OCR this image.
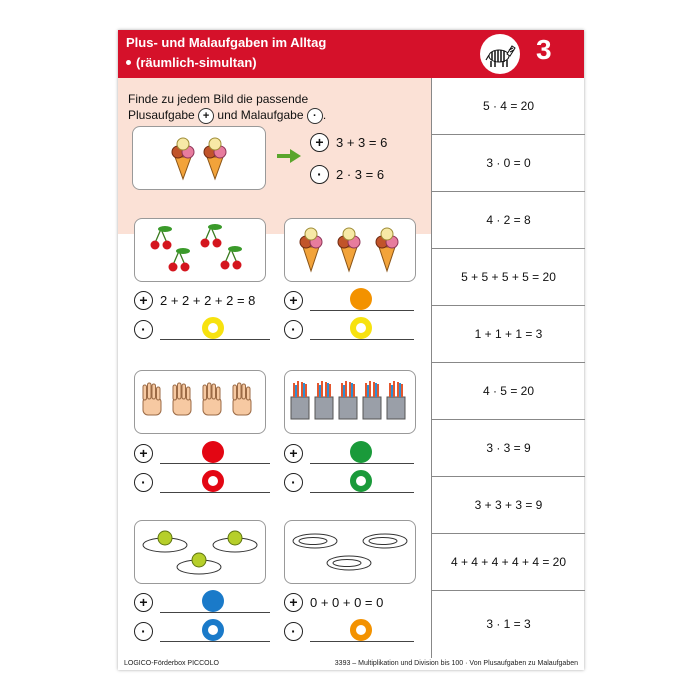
Plus- und Malaufgaben im Alltag
(räumlich-simultan)	3
Finde zu jedem Bild die passende
Plusaufgabe + und Malaufgabe · .
+ 3 + 3 = 6
·	2 · 3 = 6
+ 2 + 2 + 2 + 2 = 8
·
+
·
+
·
+
·
+
·
+ 0 + 0 + 0 = 0
·
5 · 4 = 20
3 · 0 = 0
4 · 2 = 8
5 + 5 + 5 + 5 = 20
1 + 1 + 1 = 3
4 · 5 = 20
3 · 3 = 9
3 + 3 + 3 = 9
4 + 4 + 4 + 4 + 4 = 20
3 · 1 = 3
LOGICO-Förderbox PICCOLO	3393 – Multiplikation und Division bis 100 · Von Plusaufgaben zu Malaufgaben
